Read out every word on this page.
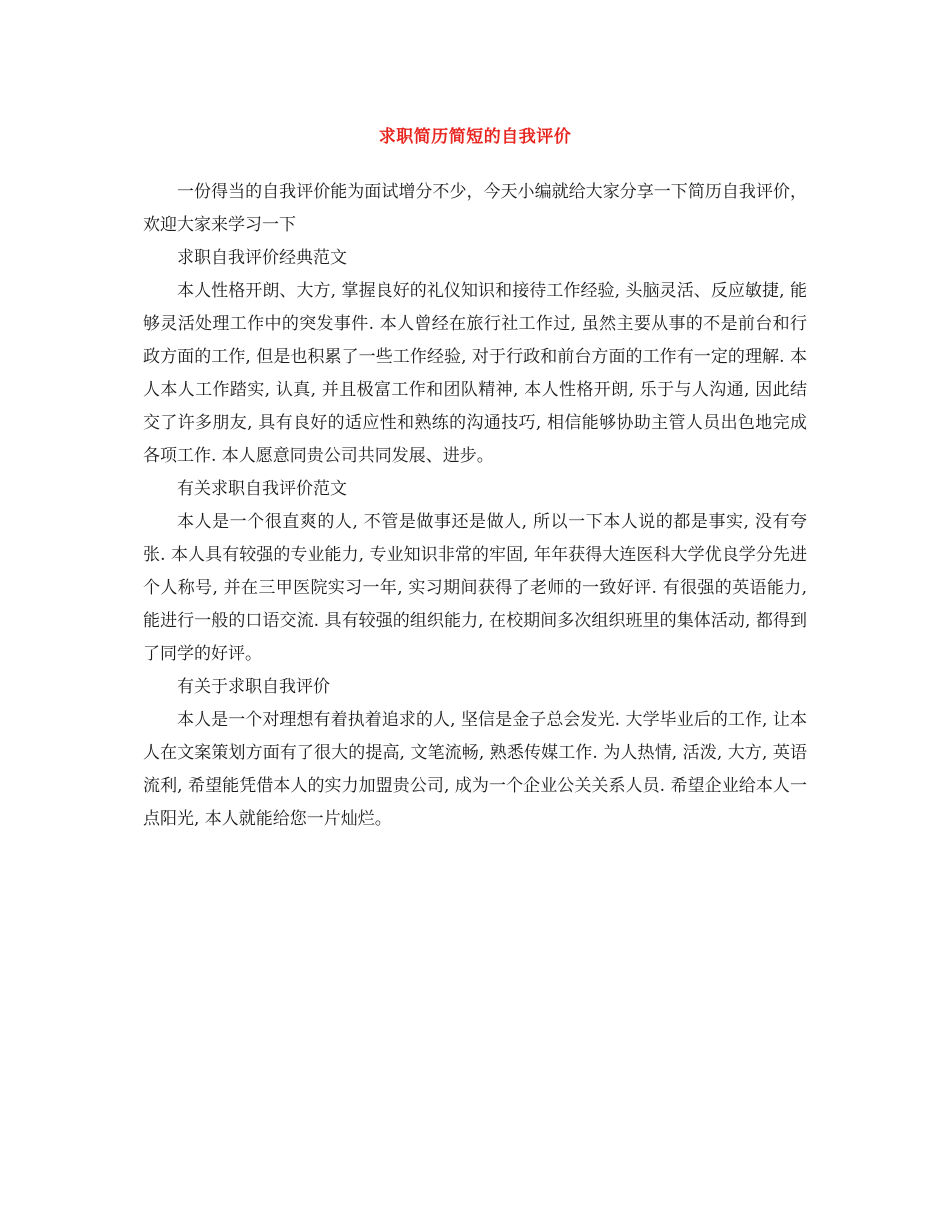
求职简历简短的自我评价

一份得当的自我评价能为面试增分不少，今天小编就给大家分享一下简历自我评价，欢迎大家来学习一下

求职自我评价经典范文

本人性格开朗、大方, 掌握良好的礼仪知识和接待工作经验, 头脑灵活、反应敏捷, 能够灵活处理工作中的突发事件. 本人曾经在旅行社工作过, 虽然主要从事的不是前台和行政方面的工作, 但是也积累了一些工作经验, 对于行政和前台方面的工作有一定的理解. 本人本人工作踏实, 认真, 并且极富工作和团队精神, 本人性格开朗, 乐于与人沟通, 因此结交了许多朋友, 具有良好的适应性和熟练的沟通技巧, 相信能够协助主管人员出色地完成各项工作. 本人愿意同贵公司共同发展、进步。

有关求职自我评价范文

本人是一个很直爽的人, 不管是做事还是做人, 所以一下本人说的都是事实, 没有夸张. 本人具有较强的专业能力, 专业知识非常的牢固, 年年获得大连医科大学优良学分先进个人称号, 并在三甲医院实习一年, 实习期间获得了老师的一致好评. 有很强的英语能力, 能进行一般的口语交流. 具有较强的组织能力, 在校期间多次组织班里的集体活动, 都得到了同学的好评。

有关于求职自我评价

本人是一个对理想有着执着追求的人, 坚信是金子总会发光. 大学毕业后的工作, 让本人在文案策划方面有了很大的提高, 文笔流畅, 熟悉传媒工作. 为人热情, 活泼, 大方, 英语流利, 希望能凭借本人的实力加盟贵公司, 成为一个企业公关关系人员. 希望企业给本人一点阳光, 本人就能给您一片灿烂。
